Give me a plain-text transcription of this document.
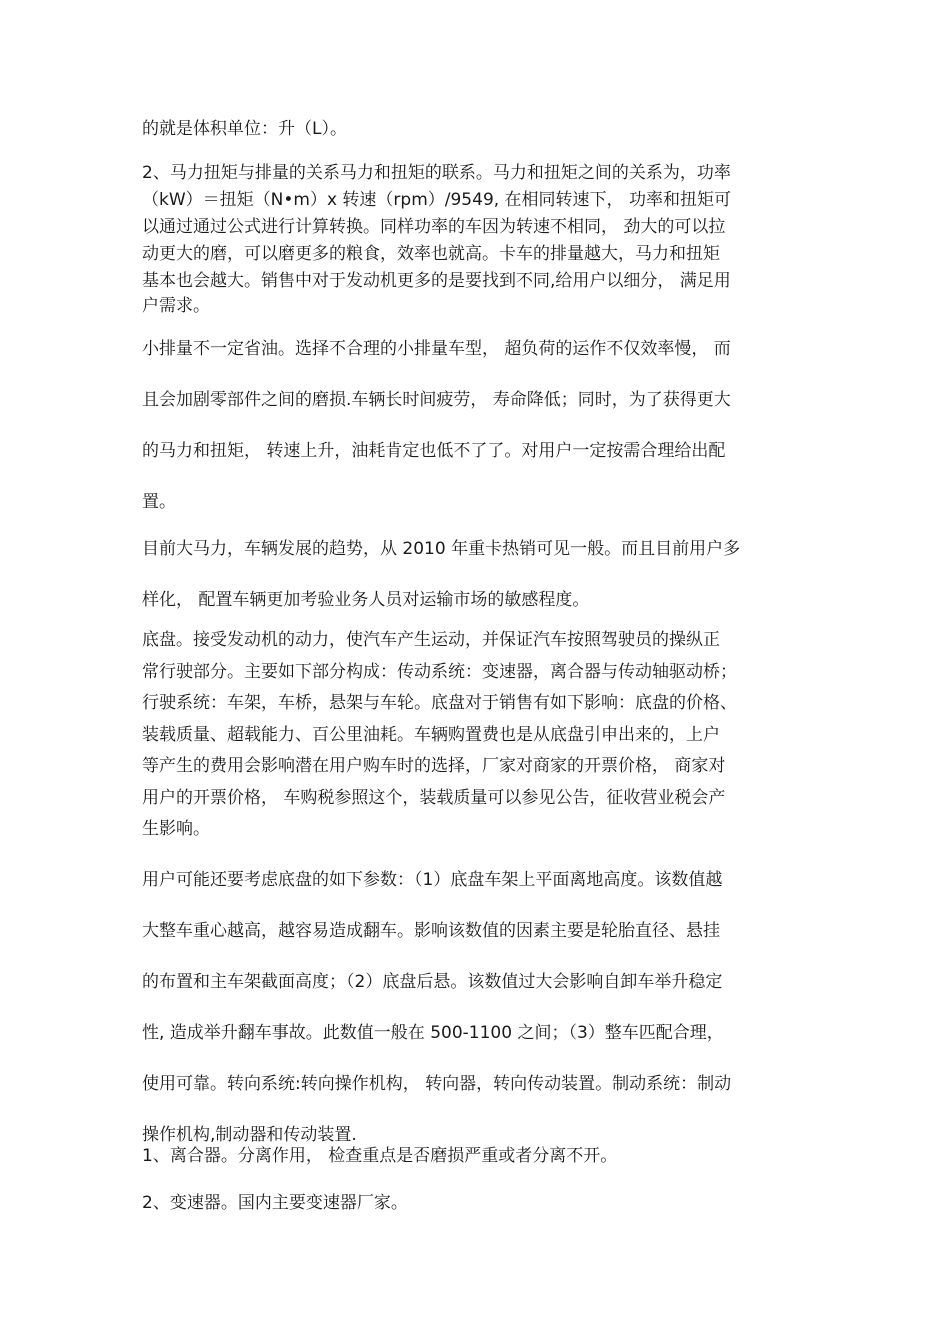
的就是体积单位：升（L）。

2、马力扭矩与排量的关系马力和扭矩的联系。马力和扭矩之间的关系为，功率
（kW）＝扭矩（N•m）x 转速（rpm）/9549, 在相同转速下， 功率和扭矩可
以通过通过公式进行计算转换。同样功率的车因为转速不相同， 劲大的可以拉
动更大的磨，可以磨更多的粮食，效率也就高。卡车的排量越大，马力和扭矩
基本也会越大。销售中对于发动机更多的是要找到不同,给用户以细分， 满足用
户需求。

小排量不一定省油。选择不合理的小排量车型， 超负荷的运作不仅效率慢， 而
且会加剧零部件之间的磨损.车辆长时间疲劳， 寿命降低；同时，为了获得更大
的马力和扭矩， 转速上升，油耗肯定也低不了了。对用户一定按需合理给出配
置。

目前大马力，车辆发展的趋势，从 2010 年重卡热销可见一般。而且目前用户多
样化， 配置车辆更加考验业务人员对运输市场的敏感程度。

底盘。接受发动机的动力，使汽车产生运动，并保证汽车按照驾驶员的操纵正
常行驶部分。主要如下部分构成：传动系统：变速器，离合器与传动轴驱动桥；
行驶系统：车架，车桥，悬架与车轮。底盘对于销售有如下影响：底盘的价格、
装载质量、超载能力、百公里油耗。车辆购置费也是从底盘引申出来的，上户
等产生的费用会影响潜在用户购车时的选择，厂家对商家的开票价格， 商家对
用户的开票价格， 车购税参照这个，装载质量可以参见公告，征收营业税会产
生影响。

用户可能还要考虑底盘的如下参数：（1）底盘车架上平面离地高度。该数值越
大整车重心越高，越容易造成翻车。影响该数值的因素主要是轮胎直径、悬挂
的布置和主车架截面高度；（2）底盘后悬。该数值过大会影响自卸车举升稳定
性, 造成举升翻车事故。此数值一般在 500-1100 之间；（3）整车匹配合理，
使用可靠。转向系统:转向操作机构， 转向器，转向传动装置。制动系统：制动
操作机构,制动器和传动装置.

1、离合器。分离作用， 检查重点是否磨损严重或者分离不开。

2、变速器。国内主要变速器厂家。
